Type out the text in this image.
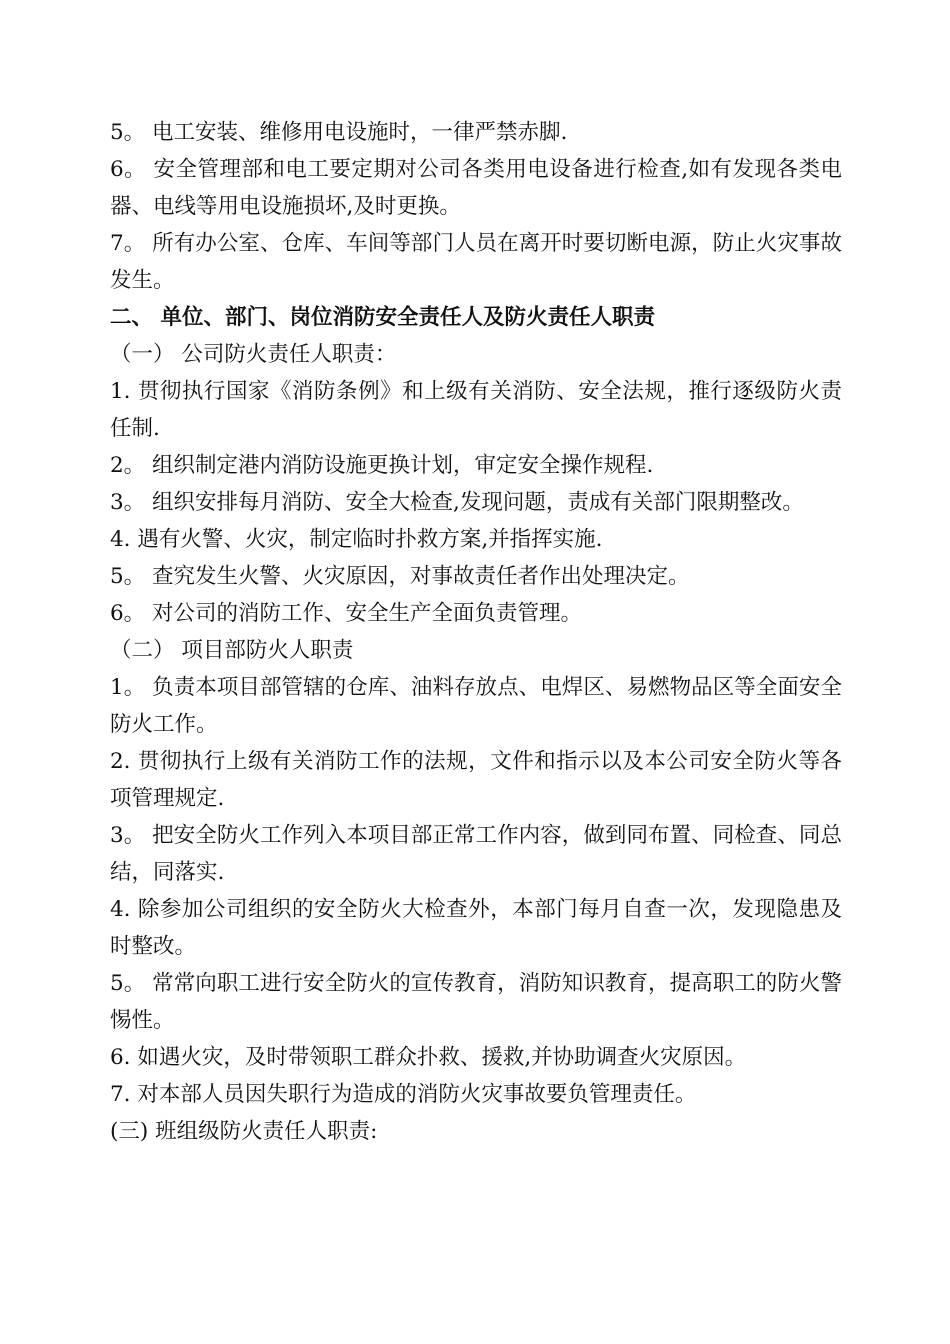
5。 电工安装、维修用电设施时，一律严禁赤脚.

6。 安全管理部和电工要定期对公司各类用电设备进行检查,如有发现各类电器、电线等用电设施损坏,及时更换。

7。 所有办公室、仓库、车间等部门人员在离开时要切断电源，防止火灾事故发生。

二、 单位、部门、岗位消防安全责任人及防火责任人职责

（一） 公司防火责任人职责：

1. 贯彻执行国家《消防条例》和上级有关消防、安全法规，推行逐级防火责任制.

2。 组织制定港内消防设施更换计划，审定安全操作规程.

3。 组织安排每月消防、安全大检查,发现问题，责成有关部门限期整改。

4. 遇有火警、火灾，制定临时扑救方案,并指挥实施.

5。 查究发生火警、火灾原因，对事故责任者作出处理决定。

6。 对公司的消防工作、安全生产全面负责管理。

（二） 项目部防火人职责

1。 负责本项目部管辖的仓库、油料存放点、电焊区、易燃物品区等全面安全防火工作。

2. 贯彻执行上级有关消防工作的法规，文件和指示以及本公司安全防火等各项管理规定.

3。 把安全防火工作列入本项目部正常工作内容，做到同布置、同检查、同总结，同落实.

4. 除参加公司组织的安全防火大检查外，本部门每月自查一次，发现隐患及时整改。

5。 常常向职工进行安全防火的宣传教育，消防知识教育，提高职工的防火警惕性。

6. 如遇火灾，及时带领职工群众扑救、援救,并协助调查火灾原因。

7. 对本部人员因失职行为造成的消防火灾事故要负管理责任。

(三) 班组级防火责任人职责:
